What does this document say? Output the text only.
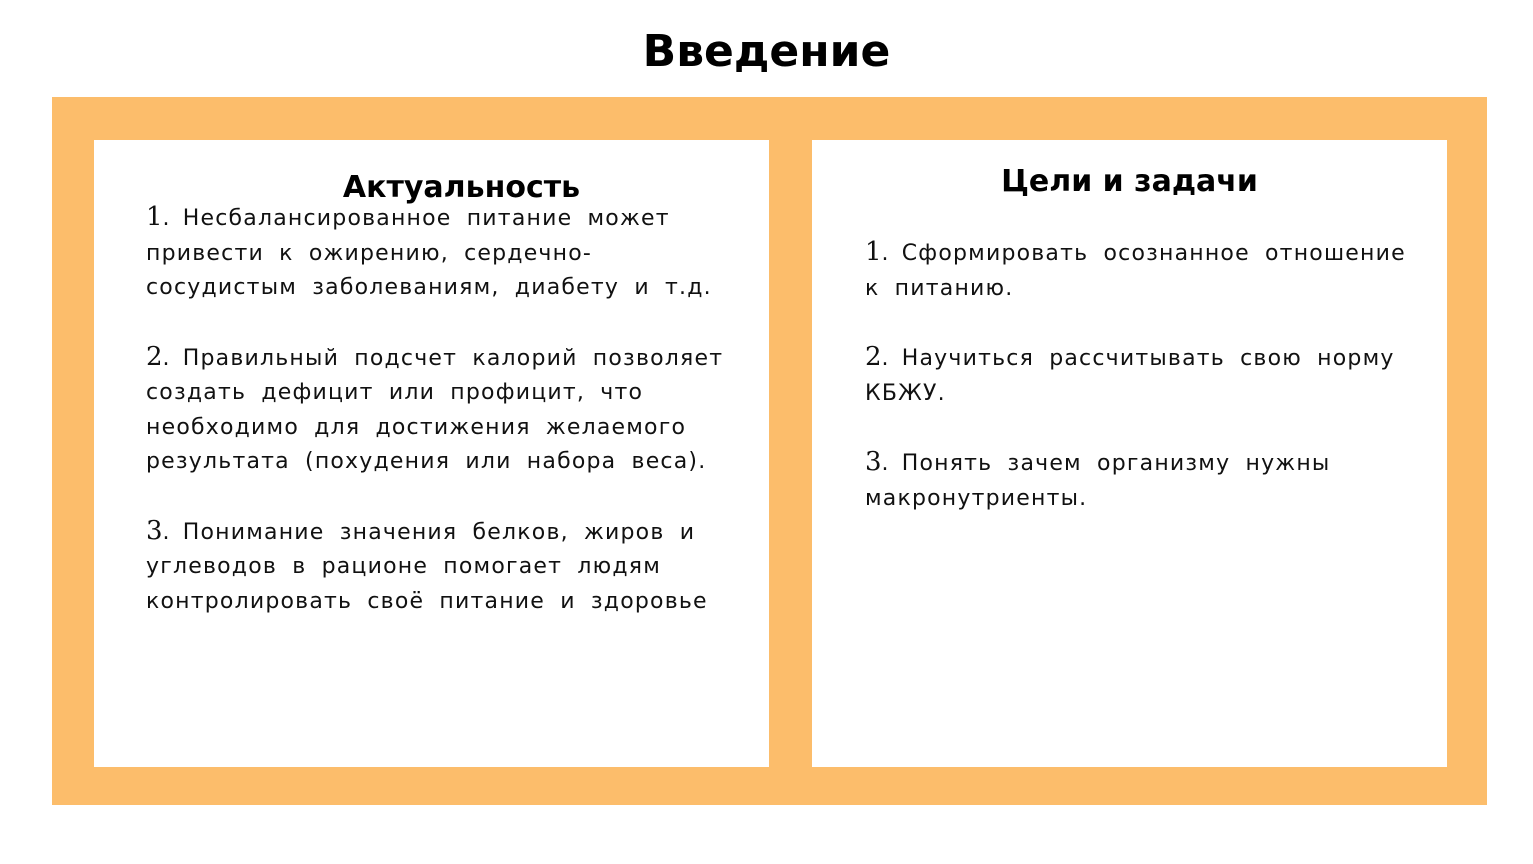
Введение
Актуальность
1. Несбалансированное питание может привести к ожирению, сердечно-сосудистым заболеваниям, диабету и т.д.
2. Правильный подсчет калорий позволяет создать дефицит или профицит, что необходимо для достижения желаемого результата (похудения или набора веса).
3. Понимание значения белков, жиров и углеводов в рационе помогает людям контролировать своё питание и здоровье
Цели и задачи
1. Сформировать осознанное отношение к питанию.
2. Научиться рассчитывать свою норму КБЖУ.
3. Понять зачем организму нужны макронутриенты.
